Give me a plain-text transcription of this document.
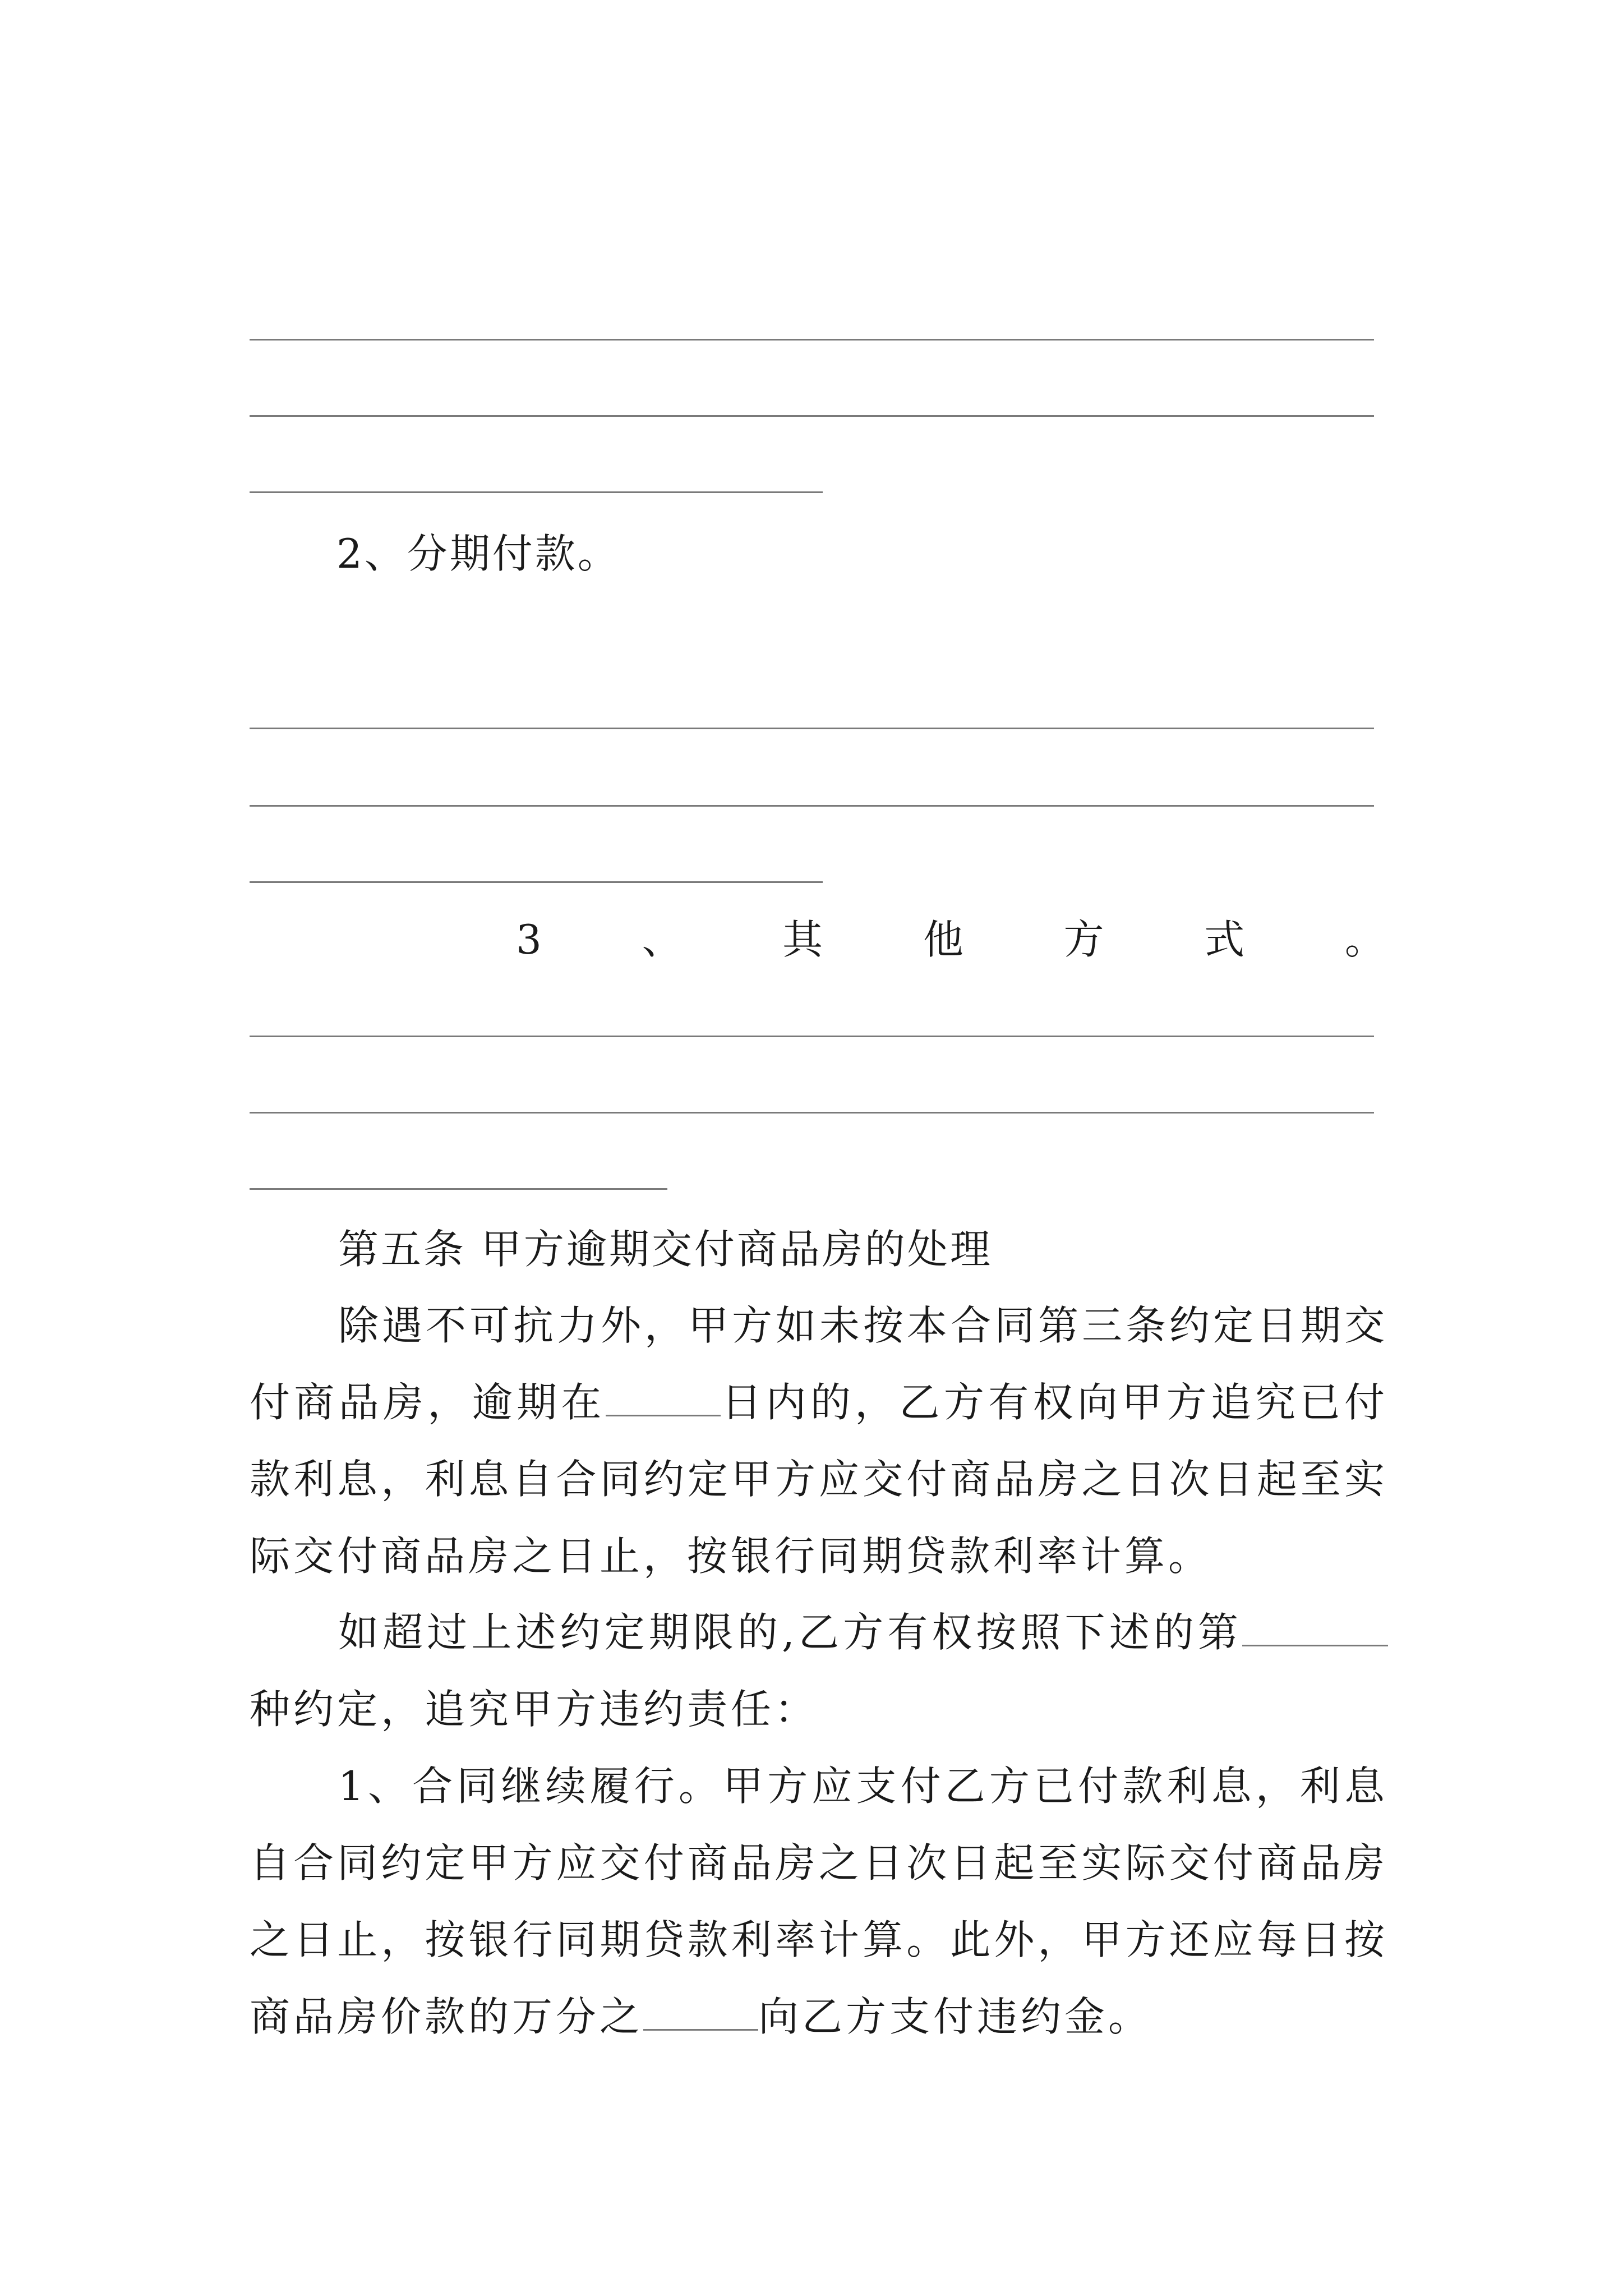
2、分期付款。
3 、 其 他 方 式 。
第五条 甲方逾期交付商品房的处理
除遇不可抗力外，甲方如未按本合同第三条约定日期交付商品房，逾期在	日内的，乙方有权向甲方追究已付款利息，利息自合同约定甲方应交付商品房之日次日起至实际交付商品房之日止，按银行同期贷款利率计算。
如超过上述约定期限的,乙方有权按照下述的第种约定，追究甲方违约责任：
1、合同继续履行。甲方应支付乙方已付款利息，利息自合同约定甲方应交付商品房之日次日起至实际交付商品房之日止，按银行同期贷款利率计算。此外，甲方还应每日按商品房价款的万分之	向乙方支付违约金。
